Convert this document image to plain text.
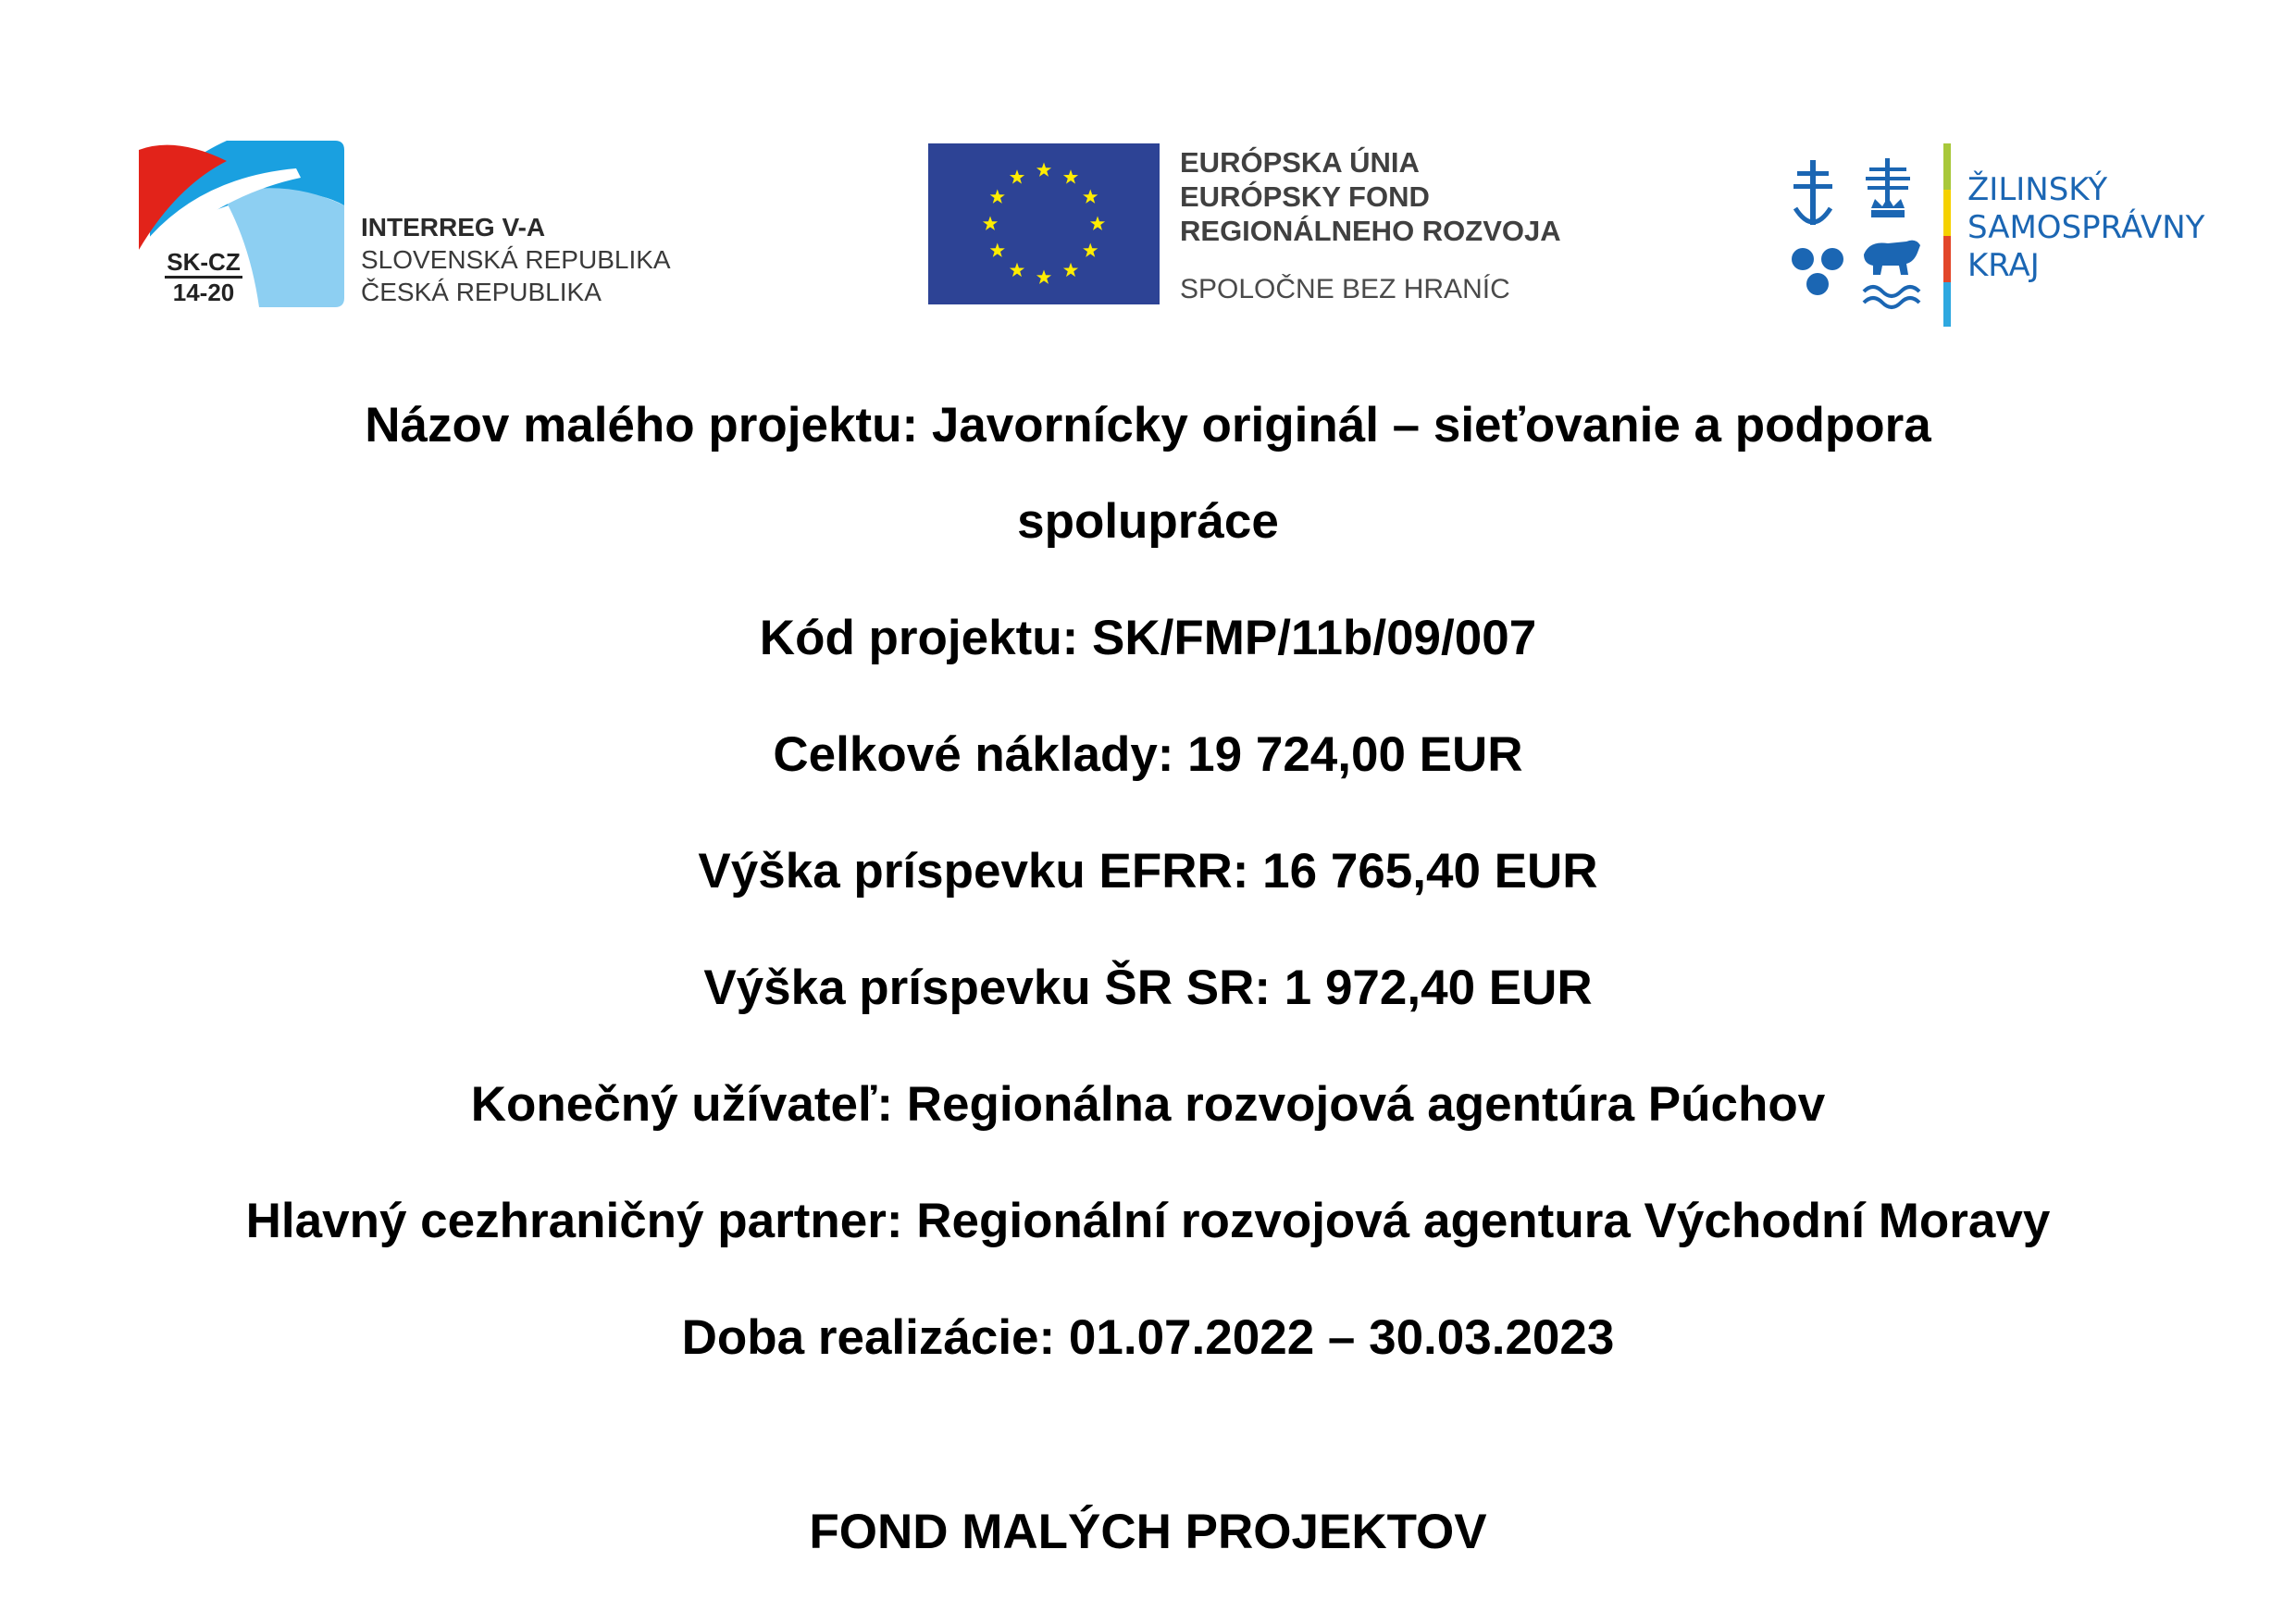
SK-CZ
14-20
INTERREG V-A
SLOVENSKÁ REPUBLIKA
ČESKÁ REPUBLIKA
EURÓPSKA ÚNIA
EURÓPSKY FOND
REGIONÁLNEHO ROZVOJA
SPOLOČNE BEZ HRANÍC
ŽILINSKÝ
SAMOSPRÁVNY
KRAJ
Názov malého projektu: Javornícky originál – sieťovanie a podpora
spolupráce
Kód projektu: SK/FMP/11b/09/007
Celkové náklady: 19 724,00 EUR
Výška príspevku EFRR: 16 765,40 EUR
Výška príspevku ŠR SR: 1 972,40 EUR
Konečný užívateľ: Regionálna rozvojová agentúra Púchov
Hlavný cezhraničný partner: Regionální rozvojová agentura Východní Moravy
Doba realizácie: 01.07.2022 – 30.03.2023
FOND MALÝCH PROJEKTOV
